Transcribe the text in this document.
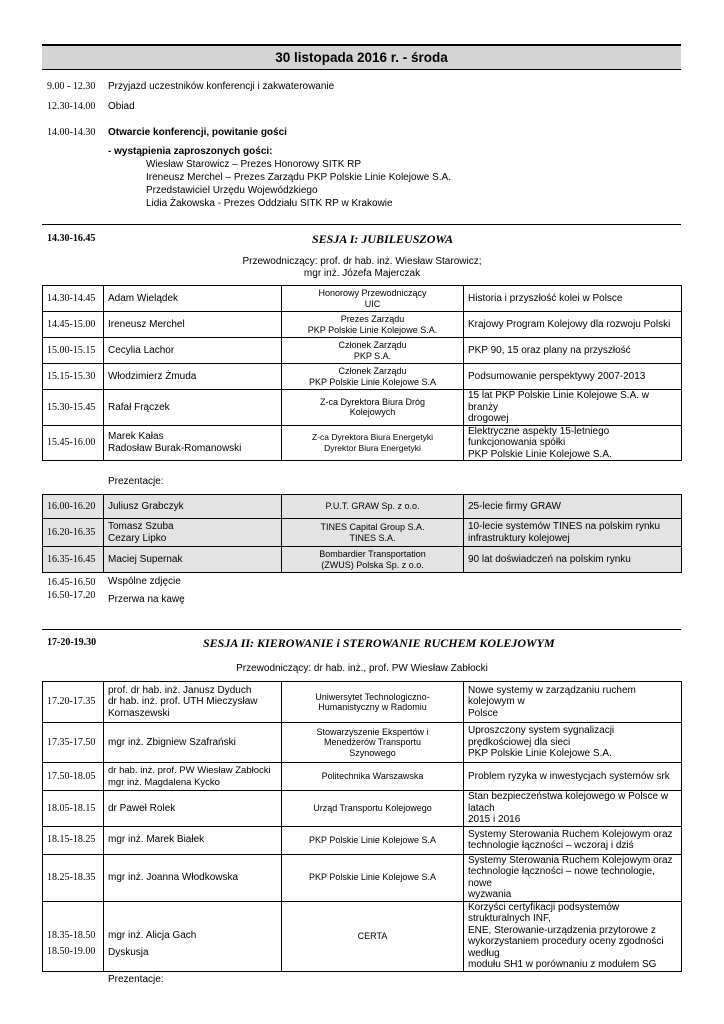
30 listopada 2016 r. - środa
9.00 - 12.30 Przyjazd uczestników konferencji i zakwaterowanie
12.30-14.00 Obiad
14.00-14.30 Otwarcie konferencji, powitanie gości
- wystąpienia zaproszonych gości:
Wiesław Starowicz – Prezes Honorowy SITK RP
Ireneusz Merchel – Prezes Zarządu PKP Polskie Linie Kolejowe S.A.
Przedstawiciel Urzędu Wojewódzkiego
Lidia Żakowska - Prezes Oddziału SITK RP w Krakowie
14.30-16.45	SESJA I: JUBILEUSZOWA
Przewodniczący: prof. dr hab. inż. Wiesław Starowicz;
mgr inż. Józefa Majerczak
14.30-14.45	Adam Wielądek	Honorowy Przewodniczący
UIC	Historia i przyszłość kolei w Polsce
14.45-15.00	Ireneusz Merchel	Prezes Zarządu
PKP Polskie Linie Kolejowe S.A.	Krajowy Program Kolejowy dla rozwoju Polski
15.00-15.15	Cecylia Lachor	Członek Zarządu
PKP S.A.	PKP 90, 15 oraz plany na przyszłość
15.15-15.30	Włodzimierz Żmuda	Członek Zarządu
PKP Polskie Linie Kolejowe S.A	Podsumowanie perspektywy 2007-2013
15.30-15.45	Rafał Frączek	Z-ca Dyrektora Biura Dróg
Kolejowych	15 lat PKP Polskie Linie Kolejowe S.A. w branży
drogowej
15.45-16.00	Marek Kałas
Radosław Burak-Romanowski	Z-ca Dyrektora Biura Energetyki
Dyrektor Biura Energetyki	Elektryczne aspekty 15-letniego funkcjonowania spółki
PKP Polskie Linie Kolejowe S.A.
Prezentacje:
16.00-16.20	Juliusz Grabczyk	P.U.T. GRAW Sp. z o.o.	25-lecie firmy GRAW
16.20-16.35	Tomasz Szuba
Cezary Lipko	TINES Capital Group S.A.
TINES S.A.	10-lecie systemów TINES na polskim rynku
infrastruktury kolejowej
16.35-16.45	Maciej Supernak	Bombardier Transportation
(ZWUS) Polska Sp. z o.o.	90 lat doświadczeń na polskim rynku
16.45-16.50 Wspólne zdjęcie
16.50-17.20 Przerwa na kawę
17-20-19.30	SESJA II: KIEROWANIE i STEROWANIE RUCHEM KOLEJOWYM
Przewodniczący: dr hab. inż., prof. PW Wiesław Zabłocki
17.20-17.35	prof. dr hab. inż. Janusz Dyduch
dr hab. inż. prof. UTH Mieczysław
Kornaszewski	Uniwersytet Technologiczno-
Humanistyczny w Radomiu	Nowe systemy w zarządzaniu ruchem kolejowym w
Polsce
17.35-17.50	mgr inż. Zbigniew Szafrański	Stowarzyszenie Ekspertów i
Menedżerów Transportu
Szynowego	Uproszczony system sygnalizacji prędkościowej dla sieci
PKP Polskie Linie Kolejowe S.A.
17.50-18.05	dr hab. inż. prof. PW Wiesław Zabłocki
mgr inż. Magdalena Kycko	Politechnika Warszawska	Problem ryzyka w inwestycjach systemów srk
18.05-18.15	dr Paweł Rolek	Urząd Transportu Kolejowego	Stan bezpieczeństwa kolejowego w Polsce w latach
2015 i 2016
18.15-18.25	mgr inż. Marek Białek	PKP Polskie Linie Kolejowe S.A	Systemy Sterowania Ruchem Kolejowym oraz
technologie łączności – wczoraj i dziś
18.25-18.35	mgr inż. Joanna Włodkowska	PKP Polskie Linie Kolejowe S.A	Systemy Sterowania Ruchem Kolejowym oraz
technologie łączności – nowe technologie, nowe
wyzwania
18.35-18.50	mgr inż. Alicja Gach	CERTA	Korzyści certyfikacji podsystemów strukturalnych INF,
ENE, Sterowanie-urządzenia przytorowe z
wykorzystaniem procedury oceny zgodności według
modułu SH1 w porównaniu z modułem SG
18.50-19.00 Dyskusja
Prezentacje:
